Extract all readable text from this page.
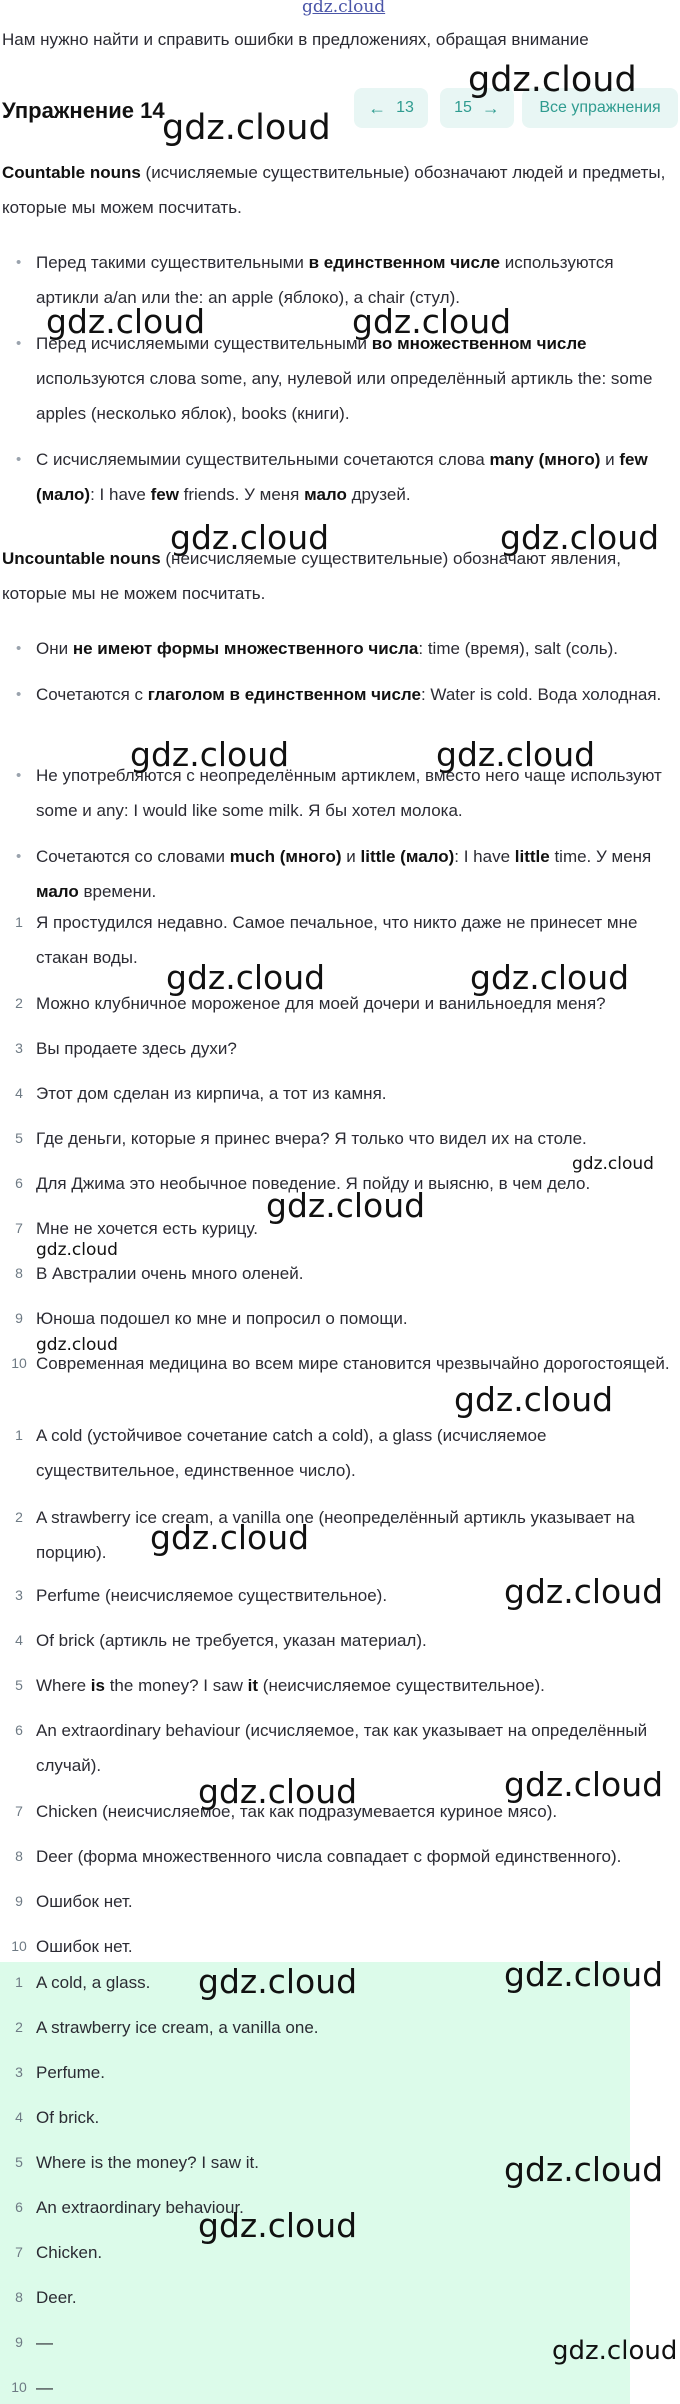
gdz.cloud
Нам нужно найти и справить ошибки в предложениях, обращая внимание
Упражнение 14	← 13	15 → Все упражнения
Countable nouns (исчисляемые существительные) обозначают людей и предметы, которые мы можем посчитать.
• Перед такими существительными в единственном числе используются артикли a/an или the: an apple (яблоко), a chair (стул).
• Перед исчисляемыми существительными во множественном числе используются слова some, any, нулевой или определённый артикль the: some apples (несколько яблок), books (книги).
• С исчисляемымии существительными сочетаются слова many (много) и few (мало): I have few friends. У меня мало друзей.
Uncountable nouns (неисчисляемые существительные) обозначают явления, которые мы не можем посчитать.
• Они не имеют формы множественного числа: time (время), salt (соль).
• Сочетаются с глаголом в единственном числе: Water is cold. Вода холодная.
• Не употребляются с неопределённым артиклем, вместо него чаще используют some и any: I would like some milk. Я бы хотел молока.
• Сочетаются со словами much (много) и little (мало): I have little time. У меня мало времени.
1 Я простудился недавно. Самое печальное, что никто даже не принесет мне стакан воды.
2 Можно клубничное мороженое для моей дочери и ванильноедля меня?
3 Вы продаете здесь духи?
4 Этот дом сделан из кирпича, а тот из камня.
5 Где деньги, которые я принес вчера? Я только что видел их на столе.
6 Для Джима это необычное поведение. Я пойду и выясню, в чем дело.
7 Мне не хочется есть курицу.
8 В Австралии очень много оленей.
9 Юноша подошел ко мне и попросил о помощи.
10 Современная медицина во всем мире становится чрезвычайно дорогостоящей.
1 A cold (устойчивое сочетание catch a cold), a glass (исчисляемое существительное, единственное число).
2 A strawberry ice cream, a vanilla one (неопределённый артикль указывает на порцию).
3 Perfume (неисчисляемое существительное).
4 Of brick (артикль не требуется, указан материал).
5 Where is the money? I saw it (неисчисляемое существительное).
6 An extraordinary behaviour (исчисляемое, так как указывает на определённый случай).
7 Chicken (неисчисляемое, так как подразумевается куриное мясо).
8 Deer (форма множественного числа совпадает с формой единственного).
9 Ошибок нет.
10 Ошибок нет.
1 A cold, a glass.
2 A strawberry ice cream, a vanilla one.
3 Perfume.
4 Of brick.
5 Where is the money? I saw it.
6 An extraordinary behaviour.
7 Chicken.
8 Deer.
9 —
10 —
gdz.cloud
gdz.cloud
gdz.cloud	gdz.cloud
gdz.cloud	gdz.cloud
gdz.cloud	gdz.cloud
gdz.cloud	gdz.cloud
gdz.cloud
gdz.cloud
gdz.cloud
gdz.cloud
gdz.cloud
gdz.cloud
gdz.cloud
gdz.cloud	gdz.cloud
gdz.cloud	gdz.cloud
gdz.cloud
gdz.cloud
gdz.cloud
